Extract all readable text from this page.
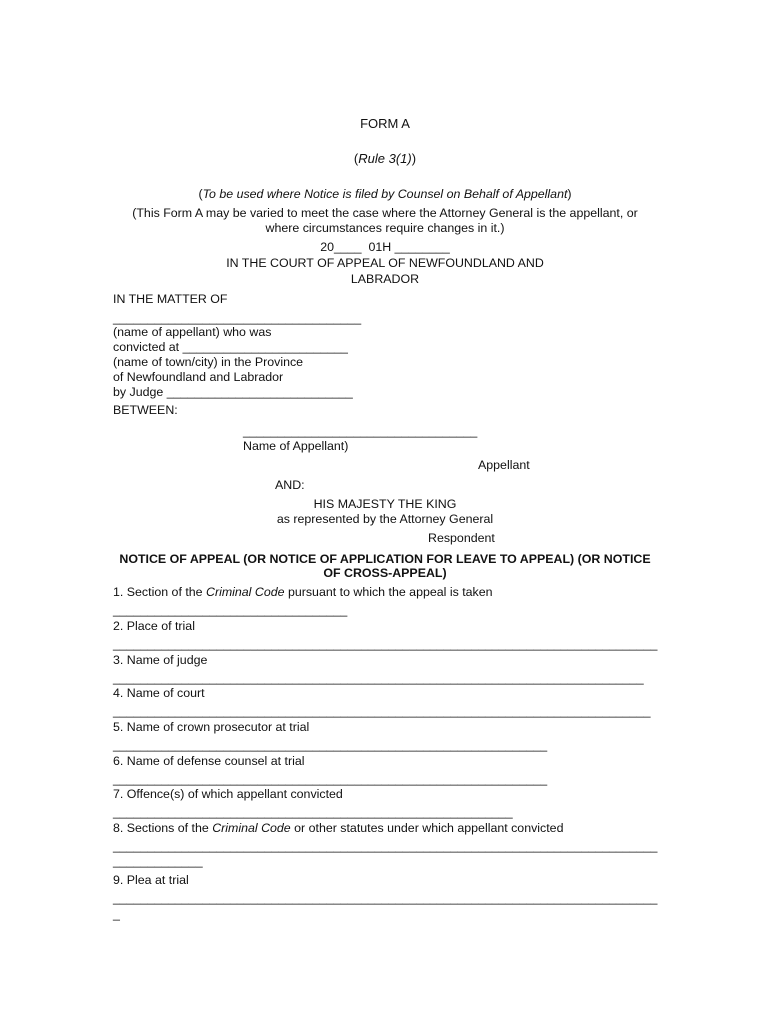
FORM A
(Rule 3(1))
(To be used where Notice is filed by Counsel on Behalf of Appellant)
(This Form A may be varied to meet the case where the Attorney General is the appellant, or
where circumstances require changes in it.)
20____  01H ________
IN THE COURT OF APPEAL OF NEWFOUNDLAND AND
LABRADOR
IN THE MATTER OF
____________________________________
(name of appellant) who was
convicted at ________________________
(name of town/city) in the Province
of Newfoundland and Labrador
by Judge ___________________________
BETWEEN:
__________________________________
Name of Appellant)
Appellant
AND:
HIS MAJESTY THE KING
as represented by the Attorney General
Respondent
NOTICE OF APPEAL (OR NOTICE OF APPLICATION FOR LEAVE TO APPEAL) (OR NOTICE
OF CROSS-APPEAL)
1. Section of the Criminal Code pursuant to which the appeal is taken
__________________________________
2. Place of trial
_______________________________________________________________________________
3. Name of judge
_____________________________________________________________________________
4. Name of court
______________________________________________________________________________
5. Name of crown prosecutor at trial
_______________________________________________________________
6. Name of defense counsel at trial
_______________________________________________________________
7. Offence(s) of which appellant convicted
__________________________________________________________
8. Sections of the Criminal Code or other statutes under which appellant convicted
_______________________________________________________________________________
_____________
9. Plea at trial
_______________________________________________________________________________
_
